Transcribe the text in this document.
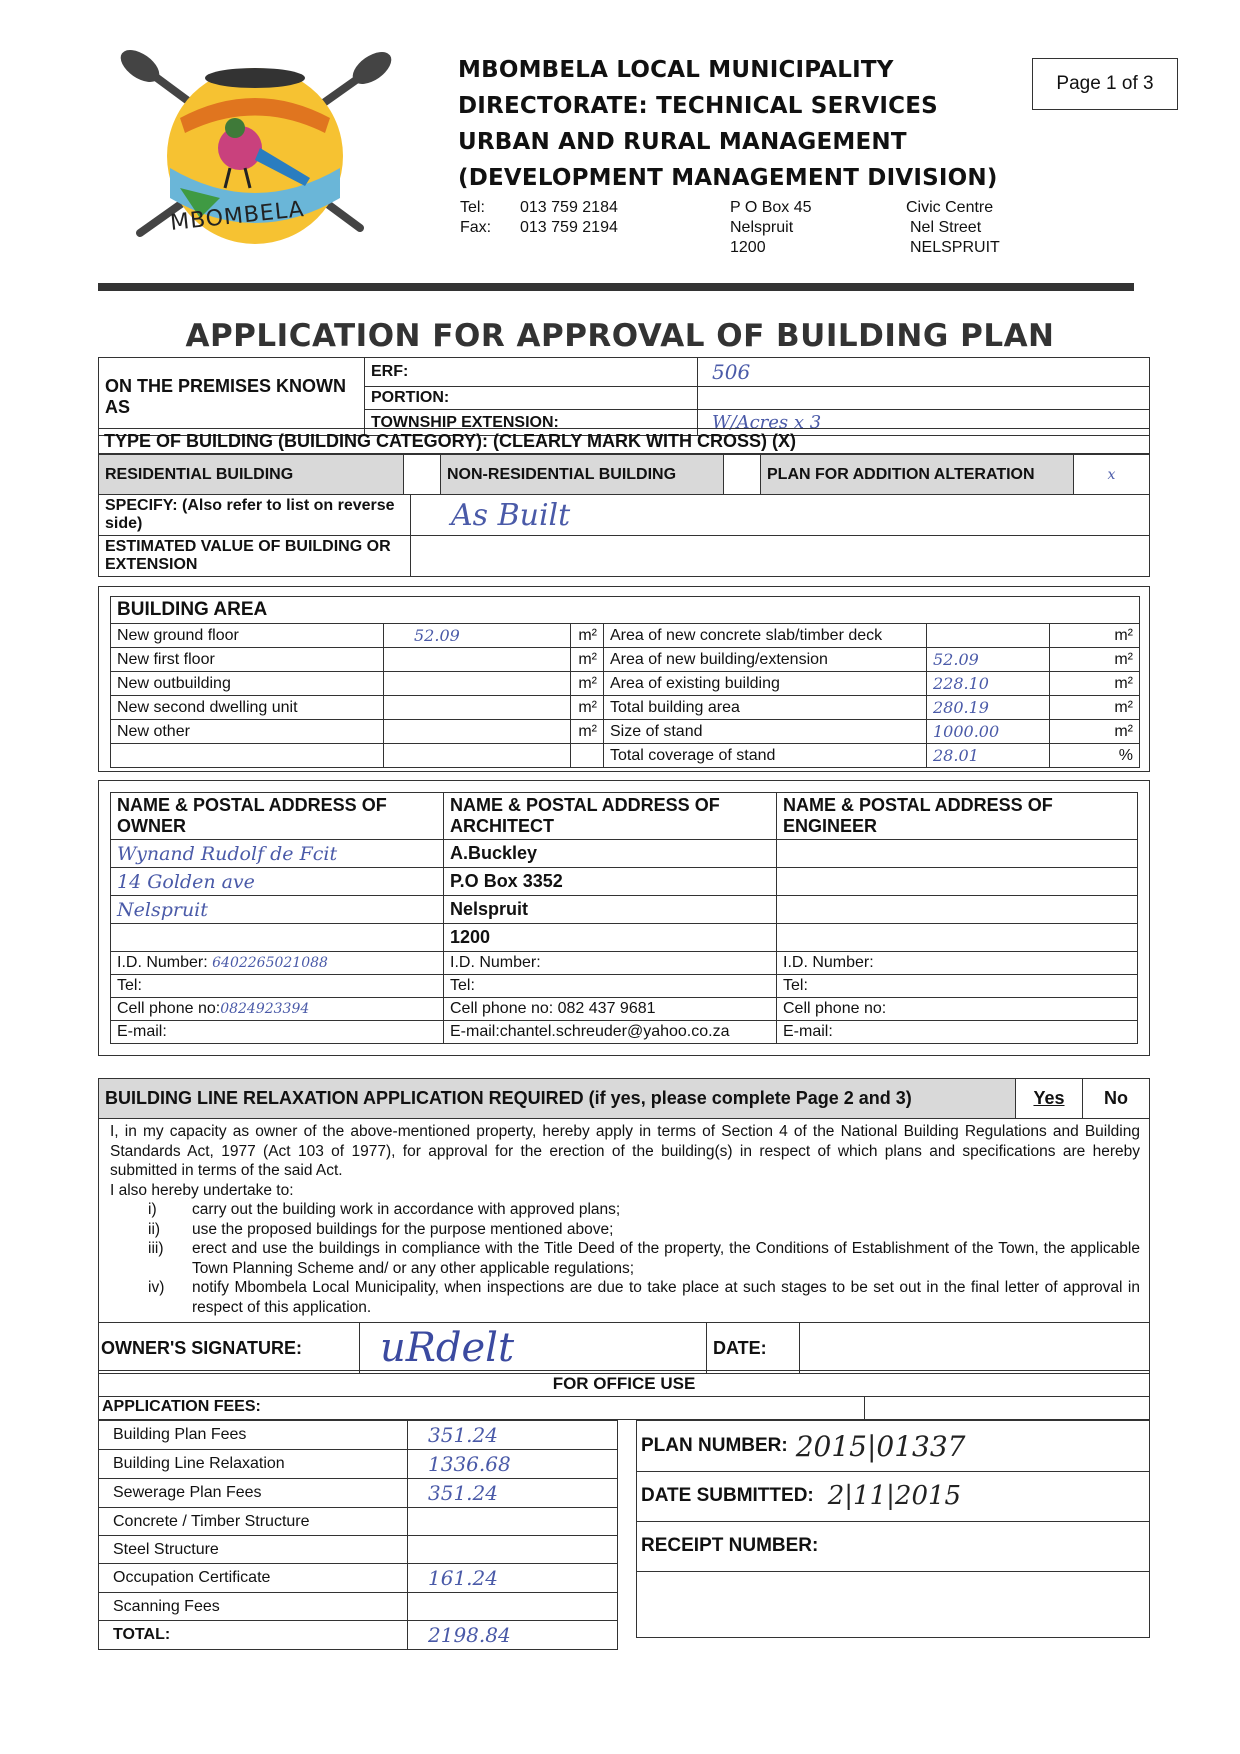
MBOMBELA
MBOMBELA LOCAL MUNICIPALITY
DIRECTORATE: TECHNICAL SERVICES
URBAN AND RURAL MANAGEMENT
(DEVELOPMENT MANAGEMENT DIVISION)
Tel: 013 759 2184
Fax: 013 759 2194
P O Box 45
Nelspruit
1200
Civic Centre
Nel Street
NELSPRUIT
Page 1 of 3
APPLICATION FOR APPROVAL OF BUILDING PLAN
ON THE PREMISES KNOWN AS	ERF:	506
	PORTION:	
	TOWNSHIP EXTENSION:	W/Acres x 3
TYPE OF BUILDING (BUILDING CATEGORY): (CLEARLY MARK WITH CROSS) (X)
RESIDENTIAL BUILDING		NON-RESIDENTIAL BUILDING		PLAN FOR ADDITION ALTERATION	x
SPECIFY: (Also refer to list on reverse side)	As Built
ESTIMATED VALUE OF BUILDING OR EXTENSION	
BUILDING AREA					
New ground floor	52.09	m²	Area of new concrete slab/timber deck		m²
New first floor		m²	Area of new building/extension	52.09	m²
New outbuilding		m²	Area of existing building	228.10	m²
New second dwelling unit		m²	Total building area	280.19	m²
New other		m²	Size of stand	1000.00	m²
			Total coverage of stand	28.01	%
NAME & POSTAL ADDRESS OF OWNER	NAME & POSTAL ADDRESS OF ARCHITECT	NAME & POSTAL ADDRESS OF ENGINEER
Wynand Rudolf de Fcit	A.Buckley	
14 Golden ave	P.O Box 3352	
Nelspruit	Nelspruit	
	1200	
I.D. Number: 6402265021088	I.D. Number:	I.D. Number:
Tel:	Tel:	Tel:
Cell phone no:0824923394	Cell phone no: 082 437 9681	Cell phone no:
E-mail:	E-mail:chantel.schreuder@yahoo.co.za	E-mail:
BUILDING LINE RELAXATION APPLICATION REQUIRED (if yes, please complete Page 2 and 3)	Yes	No
I, in my capacity as owner of the above-mentioned property, hereby apply in terms of Section 4 of the National Building Regulations and Building Standards Act, 1977 (Act 103 of 1977), for approval for the erection of the building(s) in respect of which plans and specifications are hereby submitted in terms of the said Act.
I also hereby undertake to:
i)	carry out the building work in accordance with approved plans;
ii)	use the proposed buildings for the purpose mentioned above;
iii)	erect and use the buildings in compliance with the Title Deed of the property, the Conditions of Establishment of the Town, the applicable Town Planning Scheme and/ or any other applicable regulations;
iv)	notify Mbombela Local Municipality, when inspections are due to take place at such stages to be set out in the final letter of approval in respect of this application.
OWNER'S SIGNATURE:	uRdelt	DATE:	
FOR OFFICE USE
APPLICATION FEES:
Building Plan Fees	351.24
Building Line Relaxation	1336.68
Sewerage Plan Fees	351.24
Concrete / Timber Structure	
Steel Structure	
Occupation Certificate	161.24
Scanning Fees	
TOTAL:	2198.84
PLAN NUMBER: 2015|01337
DATE SUBMITTED: 2|11|2015
RECEIPT NUMBER:
